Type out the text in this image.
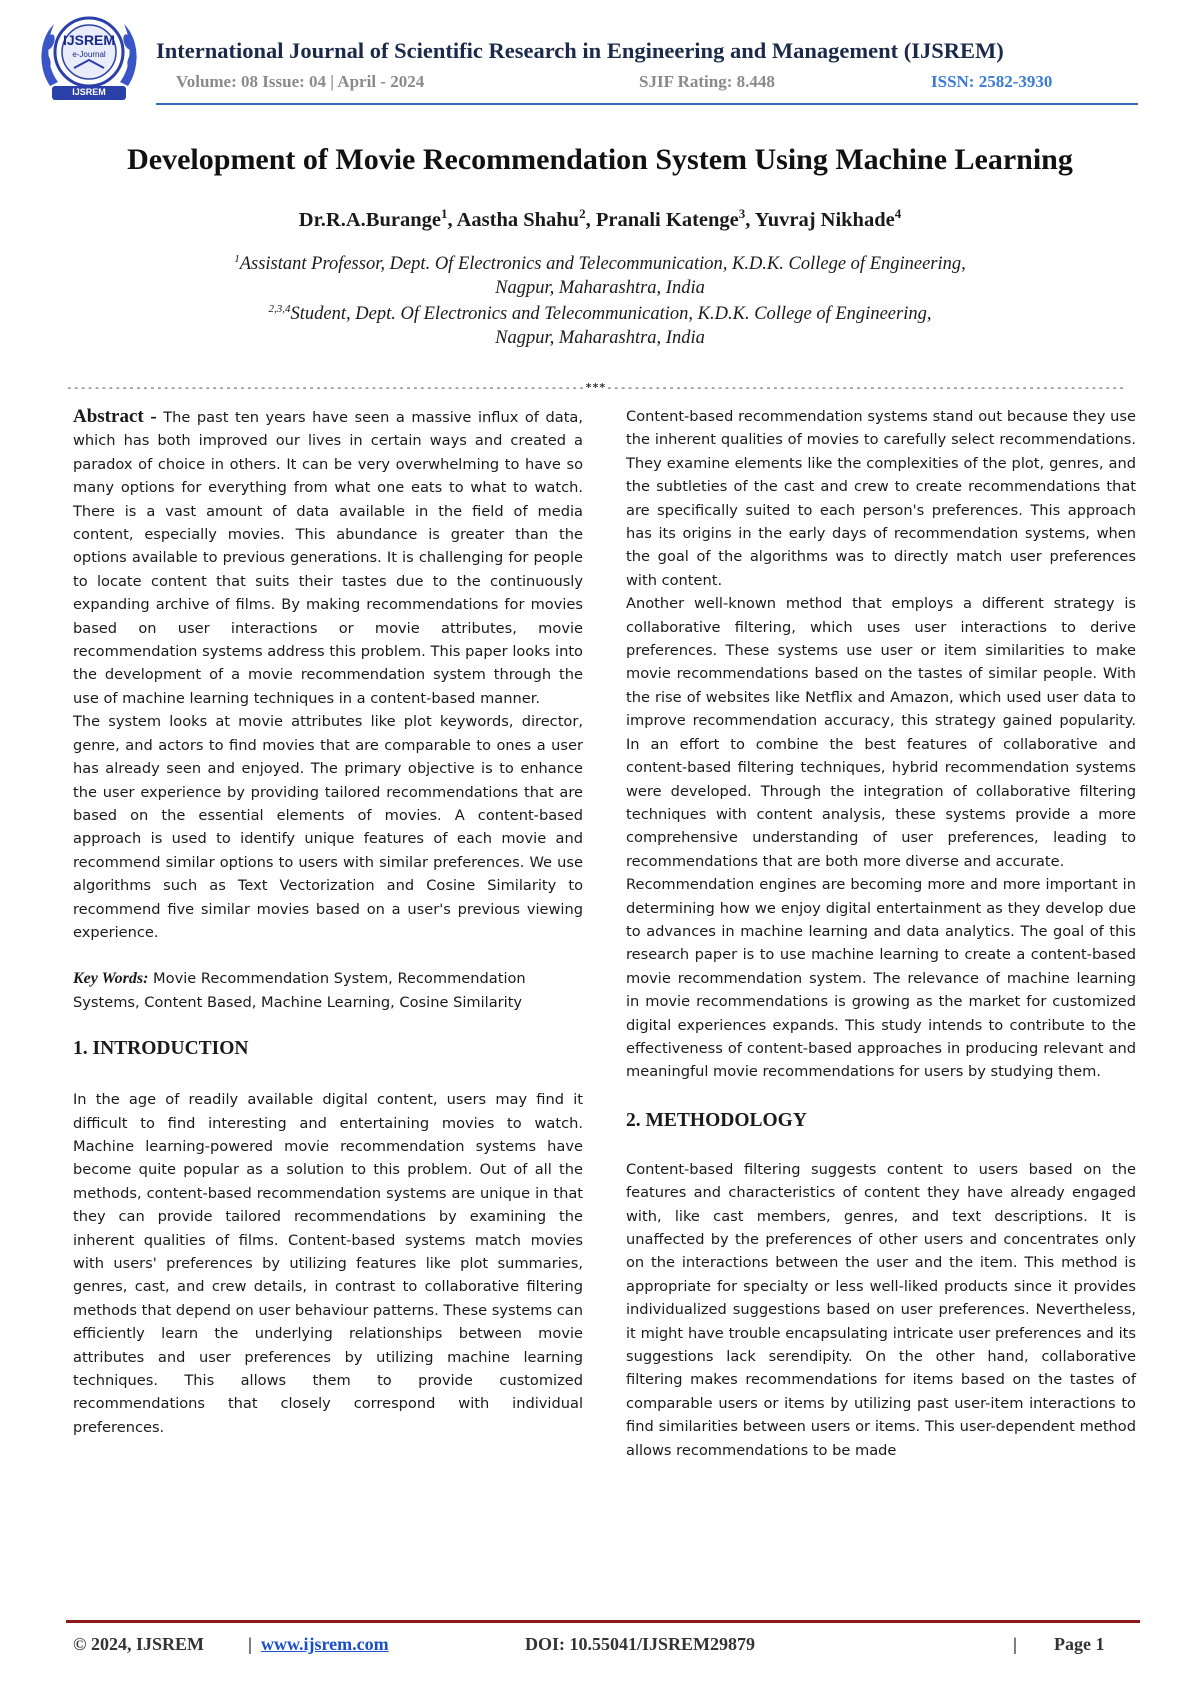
IJSREM
e-Journal
IJSREM
International Journal of Scientific Research in Engineering and Management (IJSREM)
Volume: 08 Issue: 04 | April - 2024	SJIF Rating: 8.448	ISSN: 2582-3930
Development of Movie Recommendation System Using Machine Learning
Dr.R.A.Burange$^1$, Aastha Shahu$^2$, Pranali Katenge$^3$, Yuvraj Nikhade$^4$
$^1$Assistant Professor, Dept. Of Electronics and Telecommunication, K.D.K. College of Engineering,
Nagpur, Maharashtra, India
$^{2,3,4}$Student, Dept. Of Electronics and Telecommunication, K.D.K. College of Engineering,
Nagpur, Maharashtra, India
---------------------------------------------------------------------------***---------------------------------------------------------------------------

Abstract - The past ten years have seen a massive influx of data, which has both improved our lives in certain ways and created a paradox of choice in others. It can be very overwhelming to have so many options for everything from what one eats to what to watch. There is a vast amount of data available in the field of media content, especially movies. This abundance is greater than the options available to previous generations. It is challenging for people to locate content that suits their tastes due to the continuously expanding archive of films. By making recommendations for movies based on user interactions or movie attributes, movie recommendation systems address this problem. This paper looks into the development of a movie recommendation system through the use of machine learning techniques in a content-based manner.

The system looks at movie attributes like plot keywords, director, genre, and actors to find movies that are comparable to ones a user has already seen and enjoyed. The primary objective is to enhance the user experience by providing tailored recommendations that are based on the essential elements of movies. A content-based approach is used to identify unique features of each movie and recommend similar options to users with similar preferences. We use algorithms such as Text Vectorization and Cosine Similarity to recommend five similar movies based on a user's previous viewing experience.

Key Words: Movie Recommendation System, Recommendation Systems, Content Based, Machine Learning, Cosine Similarity

1. INTRODUCTION

In the age of readily available digital content, users may find it difficult to find interesting and entertaining movies to watch. Machine learning-powered movie recommendation systems have become quite popular as a solution to this problem. Out of all the methods, content-based recommendation systems are unique in that they can provide tailored recommendations by examining the inherent qualities of films. Content-based systems match movies with users' preferences by utilizing features like plot summaries, genres, cast, and crew details, in contrast to collaborative filtering methods that depend on user behaviour patterns. These systems can efficiently learn the underlying relationships between movie attributes and user preferences by utilizing machine learning techniques. This allows them to provide customized recommendations that closely correspond with individual preferences.

Content-based recommendation systems stand out because they use the inherent qualities of movies to carefully select recommendations. They examine elements like the complexities of the plot, genres, and the subtleties of the cast and crew to create recommendations that are specifically suited to each person's preferences. This approach has its origins in the early days of recommendation systems, when the goal of the algorithms was to directly match user preferences with content.

Another well-known method that employs a different strategy is collaborative filtering, which uses user interactions to derive preferences. These systems use user or item similarities to make movie recommendations based on the tastes of similar people. With the rise of websites like Netflix and Amazon, which used user data to improve recommendation accuracy, this strategy gained popularity. In an effort to combine the best features of collaborative and content-based filtering techniques, hybrid recommendation systems were developed. Through the integration of collaborative filtering techniques with content analysis, these systems provide a more comprehensive understanding of user preferences, leading to recommendations that are both more diverse and accurate.

Recommendation engines are becoming more and more important in determining how we enjoy digital entertainment as they develop due to advances in machine learning and data analytics. The goal of this research paper is to use machine learning to create a content-based movie recommendation system. The relevance of machine learning in movie recommendations is growing as the market for customized digital experiences expands. This study intends to contribute to the effectiveness of content-based approaches in producing relevant and meaningful movie recommendations for users by studying them.

2. METHODOLOGY

Content-based filtering suggests content to users based on the features and characteristics of content they have already engaged with, like cast members, genres, and text descriptions. It is unaffected by the preferences of other users and concentrates only on the interactions between the user and the item. This method is appropriate for specialty or less well-liked products since it provides individualized suggestions based on user preferences. Nevertheless, it might have trouble encapsulating intricate user preferences and its suggestions lack serendipity. On the other hand, collaborative filtering makes recommendations for items based on the tastes of comparable users or items by utilizing past user-item interactions to find similarities between users or items. This user-dependent method allows recommendations to be made

© 2024, IJSREM | www.ijsrem.com	DOI: 10.55041/IJSREM29879	| Page 1
